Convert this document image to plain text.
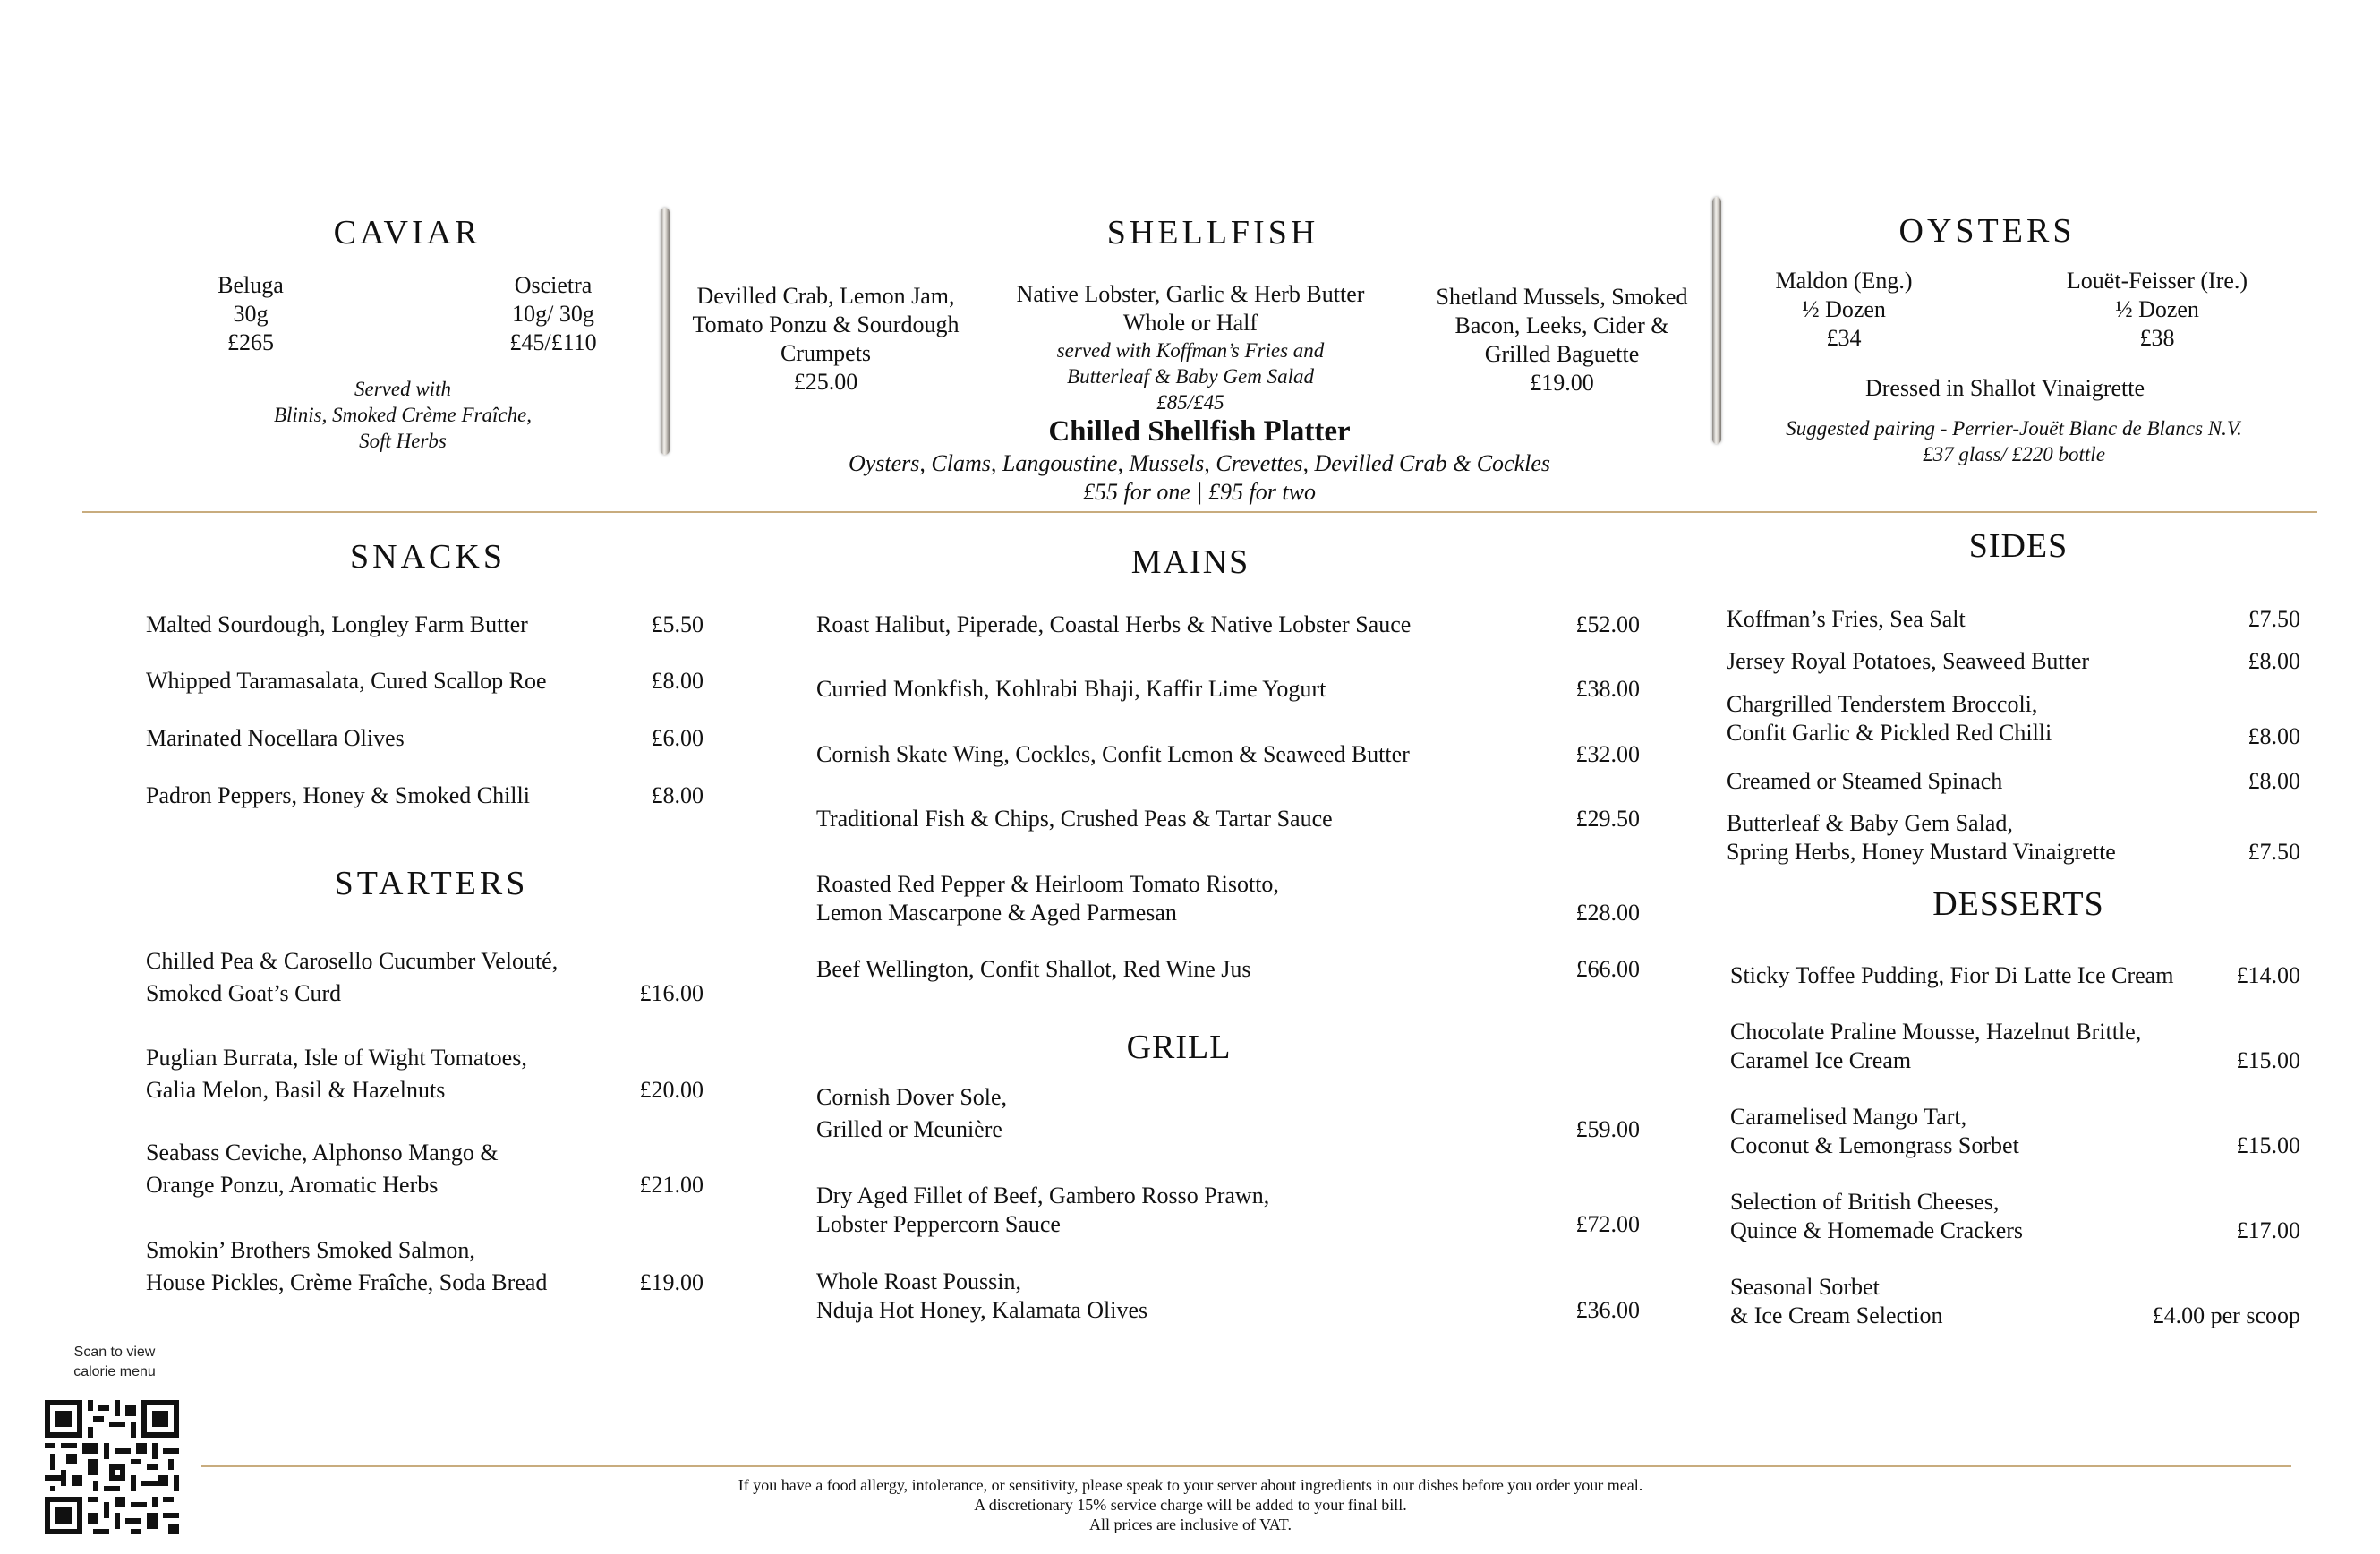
CAVIAR
Beluga
30g
£265
Oscietra
10g/ 30g
£45/£110
Served with
Blinis, Smoked Crème Fraîche,
Soft Herbs
SHELLFISH
Devilled Crab, Lemon Jam,
Tomato Ponzu & Sourdough
Crumpets
£25.00
Native Lobster, Garlic & Herb Butter
Whole or Half
served with Koffman’s Fries and
Butterleaf & Baby Gem Salad
£85/£45
Shetland Mussels, Smoked
Bacon, Leeks, Cider &
Grilled Baguette
£19.00
Chilled Shellfish Platter
Oysters, Clams, Langoustine, Mussels, Crevettes, Devilled Crab & Cockles
£55 for one | £95 for two
OYSTERS
Maldon (Eng.)
½ Dozen
£34
Louët-Feisser (Ire.)
½ Dozen
£38
Dressed in Shallot Vinaigrette
Suggested pairing - Perrier-Jouët Blanc de Blancs N.V.
£37 glass/ £220 bottle
SNACKS
Malted Sourdough, Longley Farm Butter	£5.50
Whipped Taramasalata, Cured Scallop Roe	£8.00
Marinated Nocellara Olives	£6.00
Padron Peppers, Honey & Smoked Chilli	£8.00
STARTERS
Chilled Pea & Carosello Cucumber Velouté,
Smoked Goat’s Curd	£16.00
Puglian Burrata, Isle of Wight Tomatoes,
Galia Melon, Basil & Hazelnuts	£20.00
Seabass Ceviche, Alphonso Mango &
Orange Ponzu, Aromatic Herbs	£21.00
Smokin’ Brothers Smoked Salmon,
House Pickles, Crème Fraîche, Soda Bread	£19.00
MAINS
Roast Halibut, Piperade, Coastal Herbs & Native Lobster Sauce	£52.00
Curried Monkfish, Kohlrabi Bhaji, Kaffir Lime Yogurt	£38.00
Cornish Skate Wing, Cockles, Confit Lemon & Seaweed Butter	£32.00
Traditional Fish & Chips, Crushed Peas & Tartar Sauce	£29.50
Roasted Red Pepper & Heirloom Tomato Risotto,
Lemon Mascarpone & Aged Parmesan	£28.00
Beef Wellington, Confit Shallot, Red Wine Jus	£66.00
GRILL
Cornish Dover Sole,
Grilled or Meunière	£59.00
Dry Aged Fillet of Beef, Gambero Rosso Prawn,
Lobster Peppercorn Sauce	£72.00
Whole Roast Poussin,
Nduja Hot Honey, Kalamata Olives	£36.00
SIDES
Koffman’s Fries, Sea Salt	£7.50
Jersey Royal Potatoes, Seaweed Butter	£8.00
Chargrilled Tenderstem Broccoli,
Confit Garlic & Pickled Red Chilli	£8.00
Creamed or Steamed Spinach	£8.00
Butterleaf & Baby Gem Salad,
Spring Herbs, Honey Mustard Vinaigrette	£7.50
DESSERTS
Sticky Toffee Pudding, Fior Di Latte Ice Cream	£14.00
Chocolate Praline Mousse, Hazelnut Brittle,
Caramel Ice Cream	£15.00
Caramelised Mango Tart,
Coconut & Lemongrass Sorbet	£15.00
Selection of British Cheeses,
Quince & Homemade Crackers	£17.00
Seasonal Sorbet
& Ice Cream Selection	£4.00 per scoop
Scan to view
calorie menu
If you have a food allergy, intolerance, or sensitivity, please speak to your server about ingredients in our dishes before you order your meal.
A discretionary 15% service charge will be added to your final bill.
All prices are inclusive of VAT.
